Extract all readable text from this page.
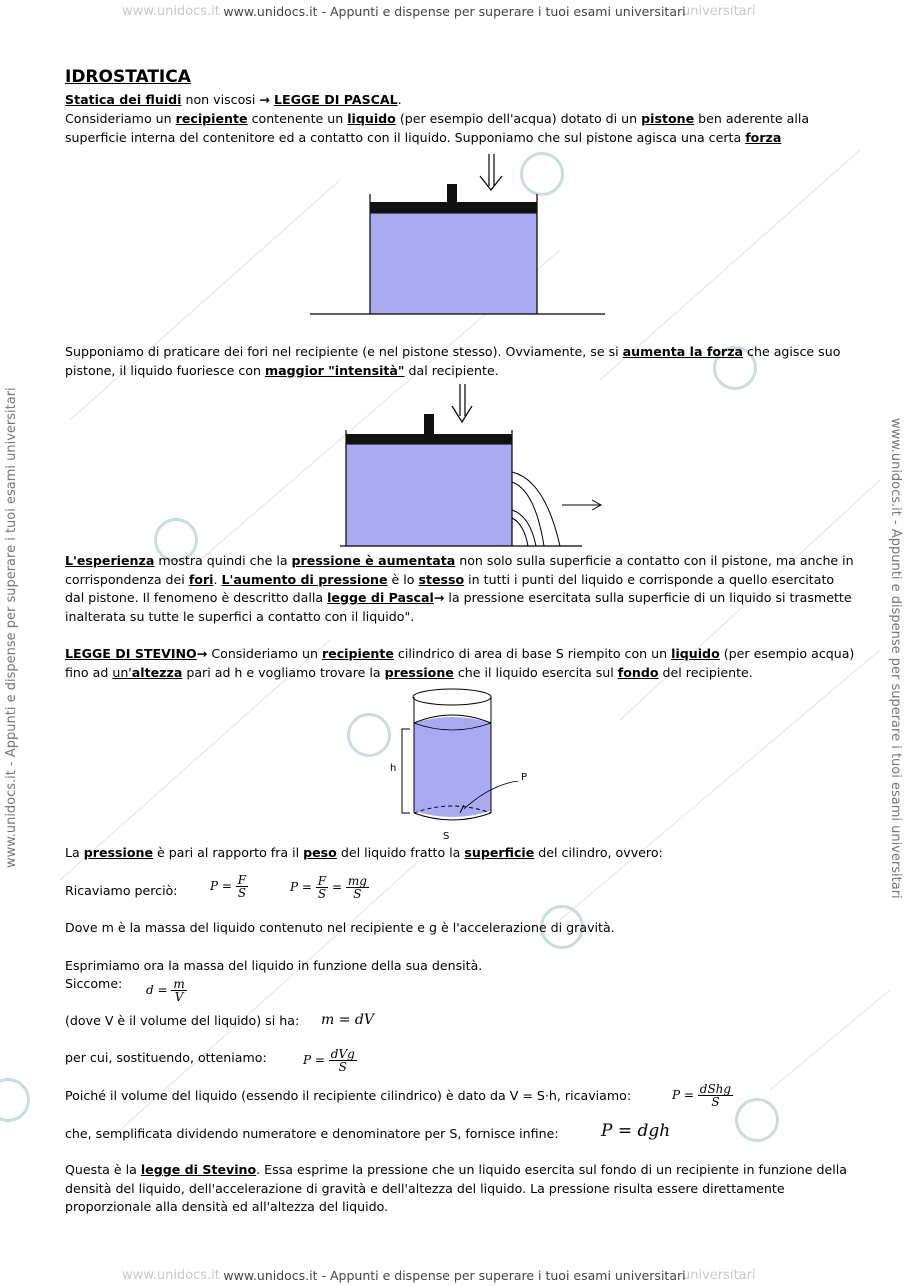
www.unidocs.it	universitari
www.unidocs.it - Appunti e dispense per superare i tuoi esami universitari
www.unidocs.it	universitari
www.unidocs.it - Appunti e dispense per superare i tuoi esami universitari
www.unidocs.it - Appunti e dispense per superare i tuoi esami universitari	www.unidocs.it - Appunti e dispense per superare i tuoi esami universitari
IDROSTATICA
Statica dei fluidi non viscosi → LEGGE DI PASCAL.
Consideriamo un recipiente contenente un liquido (per esempio dell'acqua) dotato di un pistone ben aderente alla superficie interna del contenitore ed a contatto con il liquido. Supponiamo che sul pistone agisca una certa forza
Supponiamo di praticare dei fori nel recipiente (e nel pistone stesso). Ovviamente, se si aumenta la forza che agisce suo pistone, il liquido fuoriesce con maggior "intensità" dal recipiente.
L'esperienza mostra quindi che la pressione è aumentata non solo sulla superficie a contatto con il pistone, ma anche in corrispondenza dei fori. L'aumento di pressione è lo stesso in tutti i punti del liquido e corrisponde a quello esercitato dal pistone. Il fenomeno è descritto dalla legge di Pascal→ la pressione esercitata sulla superficie di un liquido si trasmette inalterata su tutte le superfici a contatto con il liquido".
LEGGE DI STEVINO→ Consideriamo un recipiente cilindrico di area di base S riempito con un liquido (per esempio acqua) fino ad un'altezza pari ad h e vogliamo trovare la pressione che il liquido esercita sul fondo del recipiente.
h
P
S
La pressione è pari al rapporto fra il peso del liquido fratto la superficie del cilindro, ovvero:
Ricaviamo perciò:	$P = \frac{F}{S}$	$P = \frac{F}{S} = \frac{mg}{S}$
Dove m è la massa del liquido contenuto nel recipiente e g è l'accelerazione di gravità.
Esprimiamo ora la massa del liquido in funzione della sua densità.
Siccome:	$d = \frac{m}{V}$
(dove V è il volume del liquido) si ha:	m = dV
per cui, sostituendo, otteniamo:	$P = \frac{\text{dVg}}{S}$
Poiché il volume del liquido (essendo il recipiente cilindrico) è dato da V = S·h, ricaviamo:	$P = \frac{\text{dShg}}{S}$
che, semplificata dividendo numeratore e denominatore per S, fornisce infine:	P = dgh
Questa è la legge di Stevino. Essa esprime la pressione che un liquido esercita sul fondo di un recipiente in funzione della densità del liquido, dell'accelerazione di gravità e dell'altezza del liquido. La pressione risulta essere direttamente proporzionale alla densità ed all'altezza del liquido.
